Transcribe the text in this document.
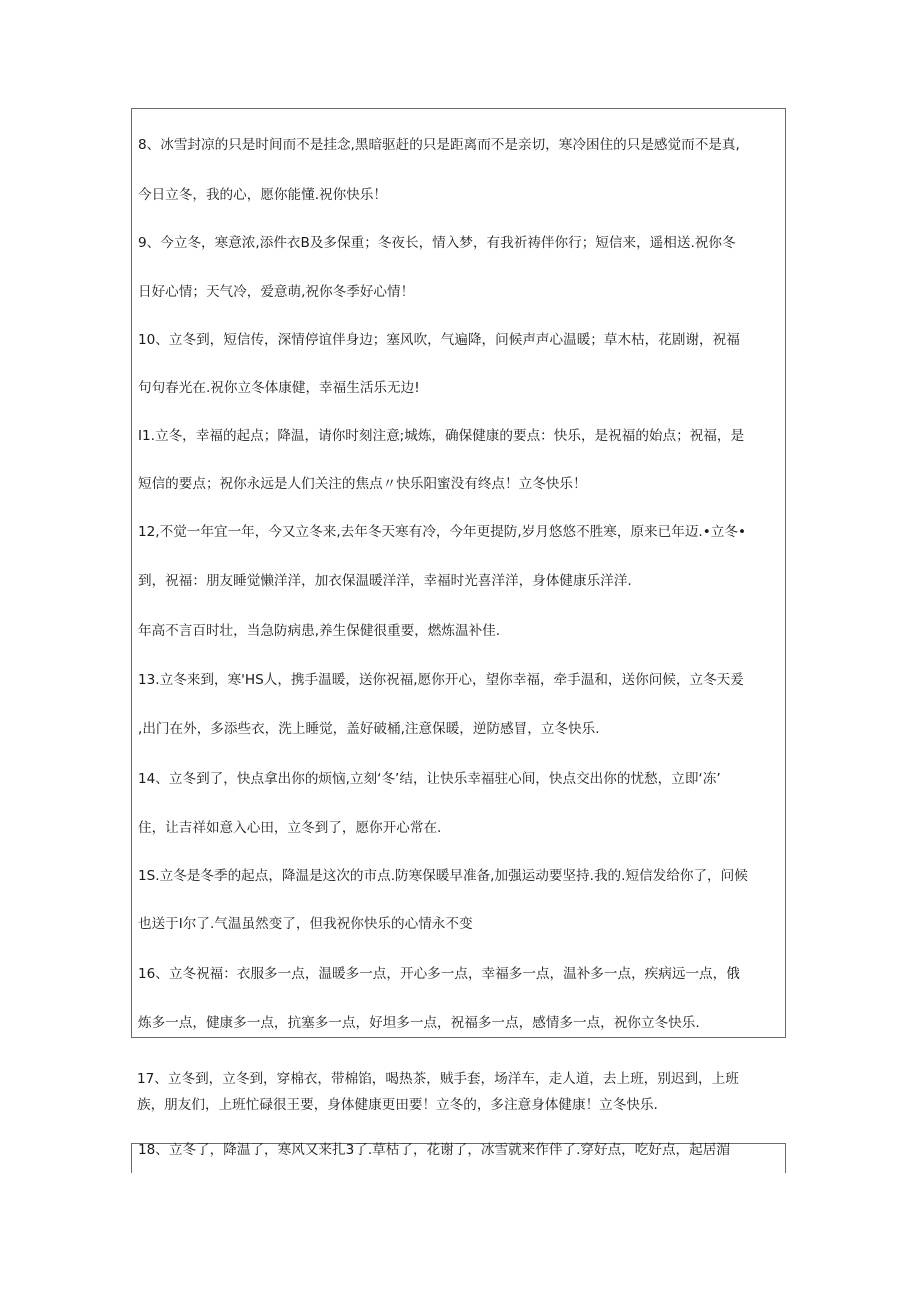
8、冰雪封凉的只是时间而不是挂念,黑暗驱赶的只是距离而不是亲切，寒冷困住的只是感觉而不是真,
今日立冬，我的心，愿你能懂.祝你快乐！
9、今立冬，寒意浓,添件衣B及多保重；冬夜长，情入梦，有我祈祷伴你行；短信来，遥相送.祝你冬
日好心情；天气冷，爱意萌,祝你冬季好心情！
10、立冬到，短信传，深情停谊伴身边；塞风吹，气遍降，问候声声心温暖；草木枯，花剧谢，祝福
句句春光在.祝你立冬体康健，幸福生活乐无边!
I1.立冬，幸福的起点；降温，请你时刻注意;城炼，确保健康的要点：快乐，是祝福的始点；祝福，是
短信的要点；祝你永远是人们关注的焦点〃快乐阳蜜没有终点！立冬快乐！
12,不觉一年宜一年，今又立冬来,去年冬天寒有冷，今年更提防,岁月悠悠不胜寒，原来已年迈.•立冬•
到，祝福：朋友睡觉懒洋洋，加衣保温暖洋洋，幸福时光喜洋洋，身体健康乐洋洋.
年高不言百时壮，当急防病患,养生保健很重要，燃炼温补佳.
13.立冬来到，寒'HS人，携手温暖，送你祝福,愿你开心，望你幸福，牵手温和，送你问候，立冬天爰
,出门在外，多添些衣，洗上睡觉，盖好破桶,注意保暖，逆防感冒，立冬快乐.
14、立冬到了，快点拿出你的烦恼,立刻‘冬’结，让快乐幸福驻心间，快点交出你的忧愁，立即‘冻’
住，让吉祥如意入心田，立冬到了，愿你开心常在.
1S.立冬是冬季的起点，降温是这次的市点.防寒保暖早准备,加强运动要坚持.我的.短信发给你了，问候
也送于I尔了.气温虽然变了，但我祝你快乐的心情永不变
16、立冬祝福：衣服多一点，温暖多一点，开心多一点，幸福多一点，温补多一点，疾病远一点，俄
炼多一点，健康多一点，抗塞多一点，好坦多一点，祝福多一点，感情多一点，祝你立冬快乐.
17、立冬到，立冬到，穿棉衣，带棉馅，喝热茶，贼手套，场洋车，走人道，去上班，别迟到，上班
族，朋友们，上班忙碌很王要，身体健康更田要！立冬的，多注意身体健康！立冬快乐.
18、立冬了，降温了，寒风又来扎3了.草枯了，花谢了，冰雪就来作伴了.穿好点，吃好点，起居湄
